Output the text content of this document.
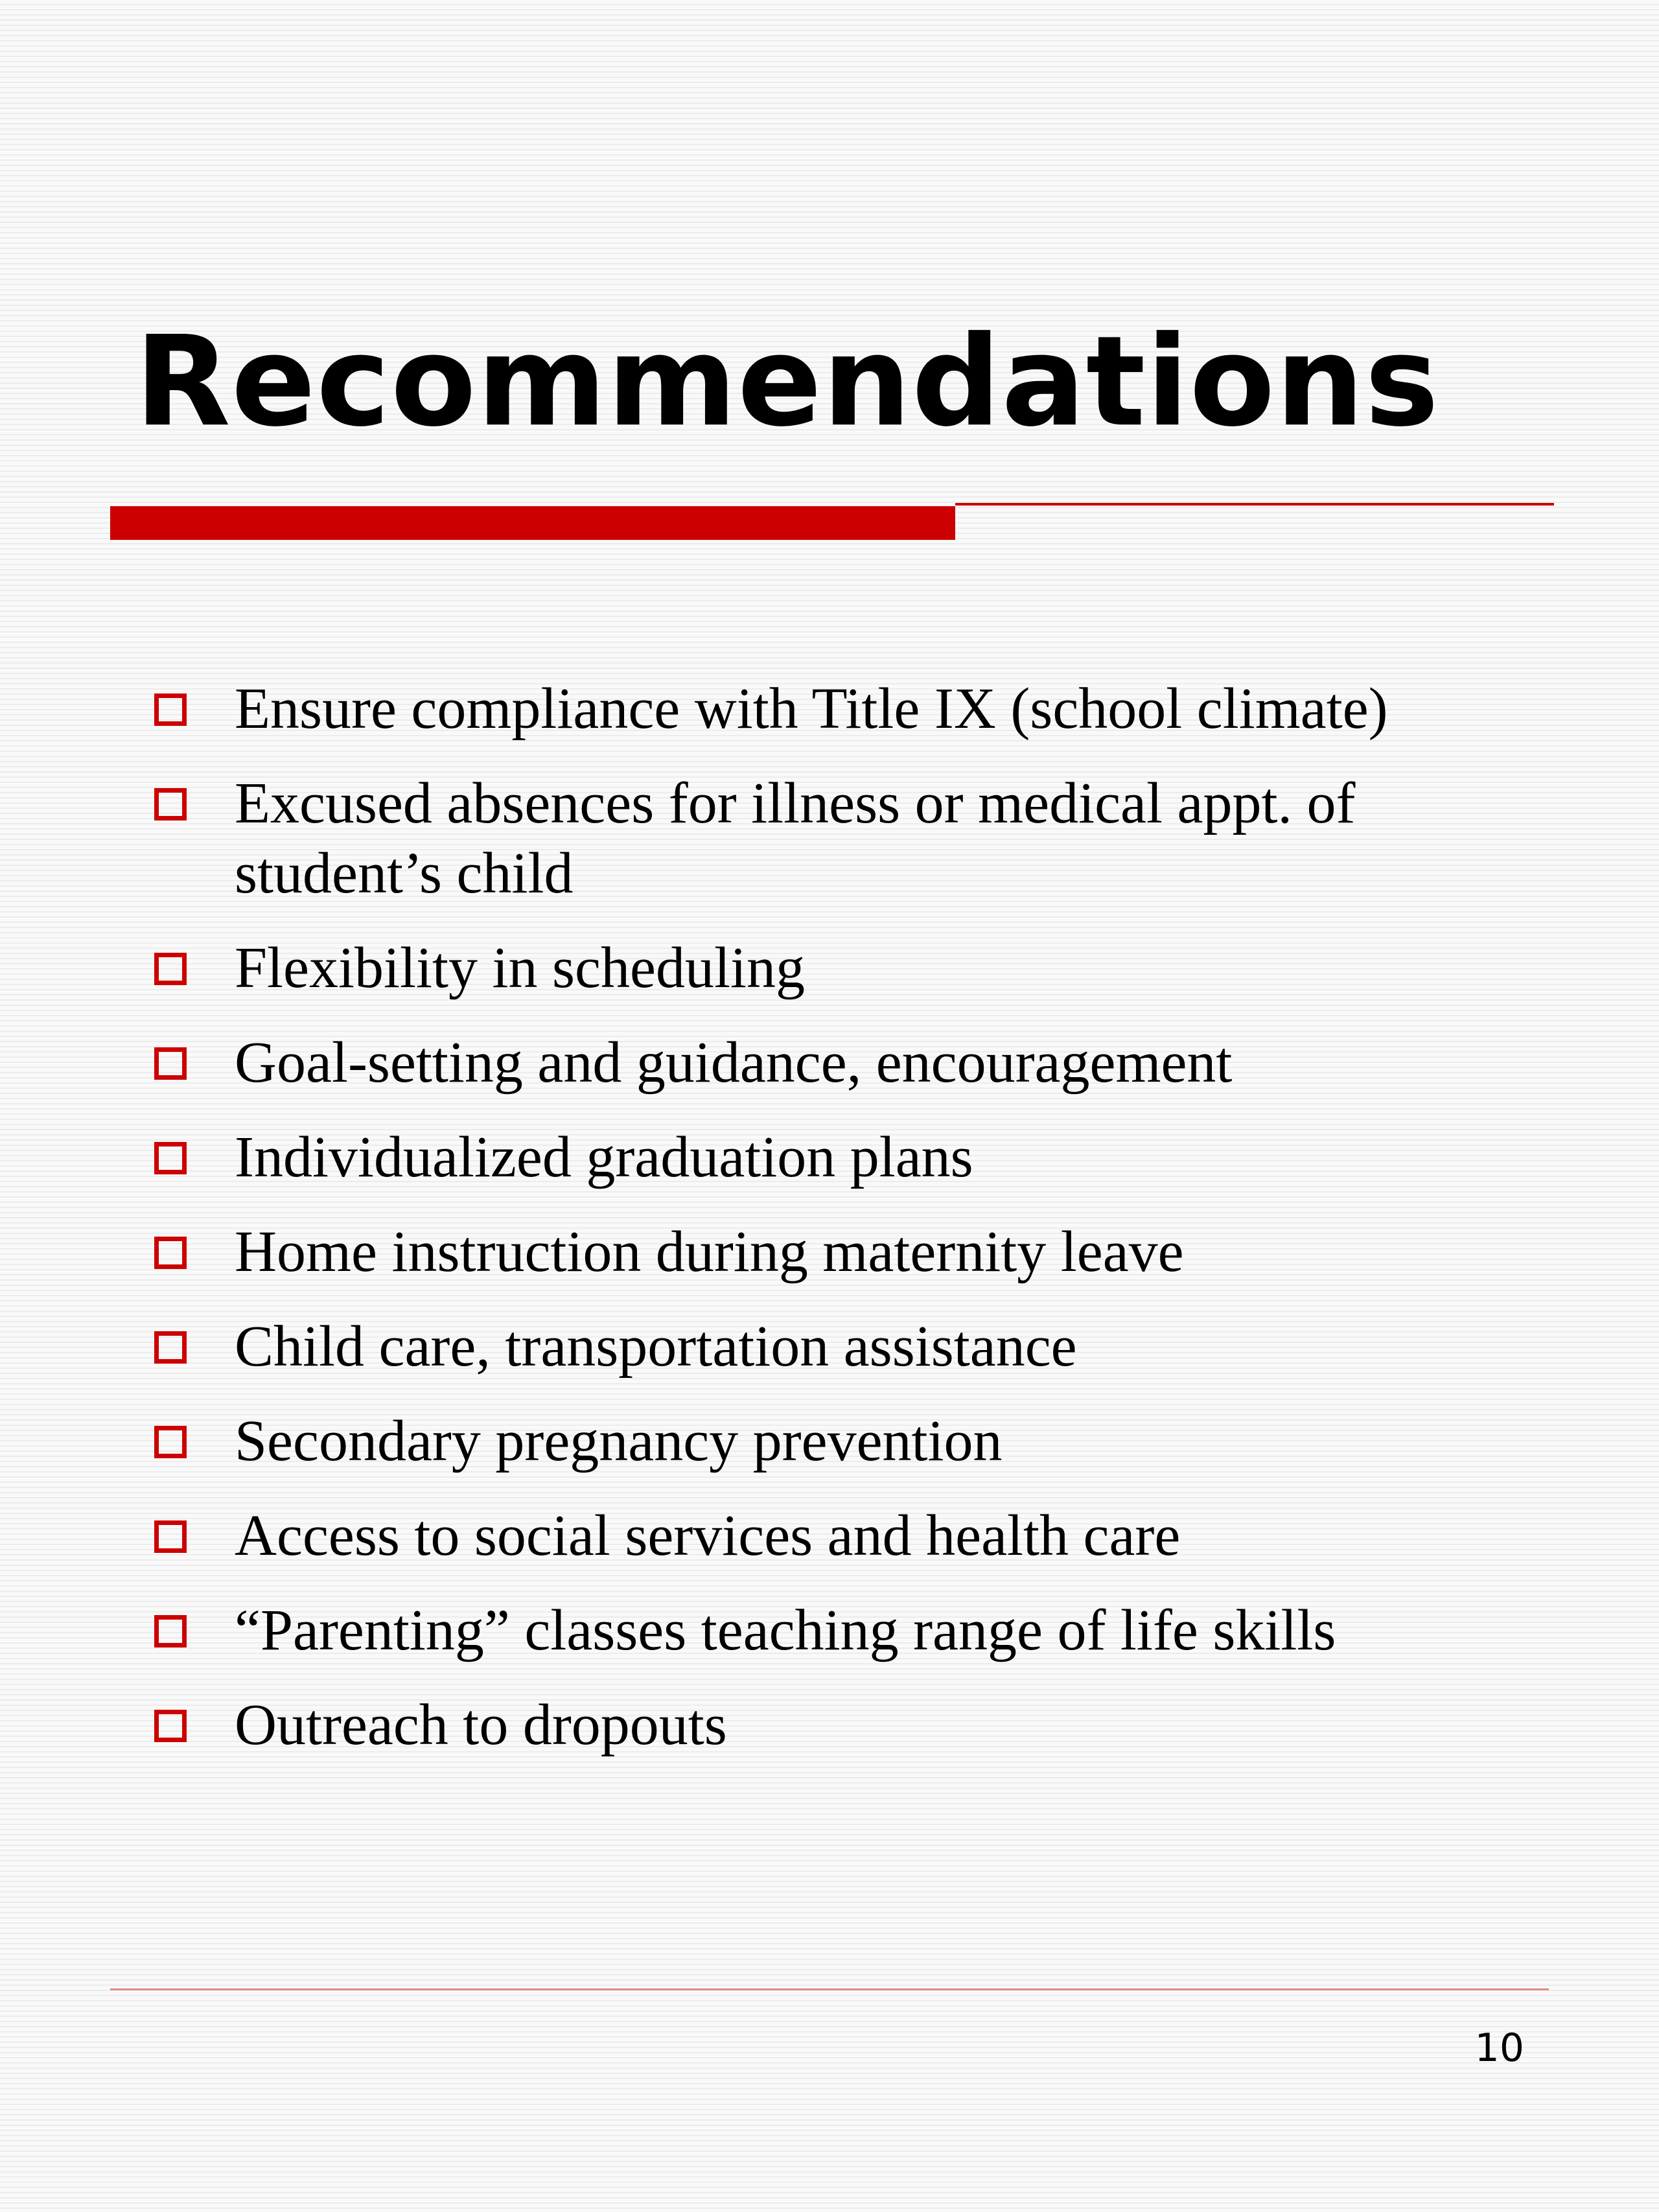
Recommendations
Ensure compliance with Title IX (school climate)
Excused absences for illness or medical appt. of student’s child
Flexibility in scheduling
Goal-setting and guidance, encouragement
Individualized graduation plans
Home instruction during maternity leave
Child care, transportation assistance
Secondary pregnancy prevention
Access to social services and health care
“Parenting” classes teaching range of life skills
Outreach to dropouts
10
